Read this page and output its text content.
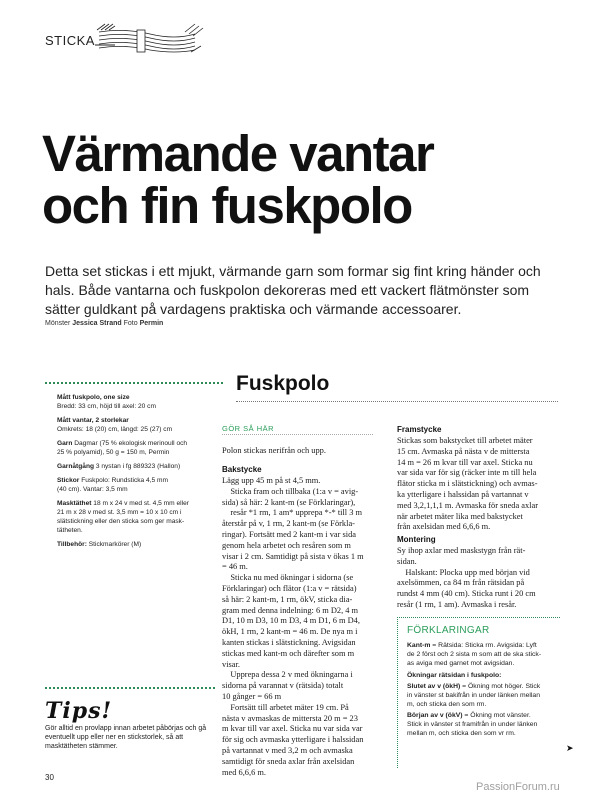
STICKA
Värmande vantar
och fin fuskpolo
Detta set stickas i ett mjukt, värmande garn som formar sig fint kring händer och hals. Både vantarna och fuskpolon dekoreras med ett vackert flätmönster som sätter guldkant på vardagens praktiska och värmande accessoarer.
Mönster Jessica Strand Foto Permin
Mått fuskpolo, one size
Bredd: 33 cm, höjd till axel: 20 cm
Mått vantar, 2 storlekar
Omkrets: 18 (20) cm, längd: 25 (27) cm
Garn Dagmar (75 % ekologisk merinoull och
25 % polyamid), 50 g = 150 m, Permin
Garnåtgång 3 nystan i fg 889323 (Hallon)
Stickor Fuskpolo: Rundsticka 4,5 mm
(40 cm). Vantar: 3,5 mm
Masktäthet 18 m x 24 v med st. 4,5 mm eller
21 m x 28 v med st. 3,5 mm = 10 x 10 cm i
slätstickning eller den sticka som ger mask-
tätheten.
Tillbehör: Stickmarkörer (M)
Fuskpolo
GÖR SÅ HÄR
Polon stickas nerifrån och upp.
Bakstycke
Lägg upp 45 m på st 4,5 mm.
Sticka fram och tillbaka (1:a v = avig-
sida) så här: 2 kant-m (se Förklaringar),
resår *1 rm, 1 am* upprepa *-* till 3 m
återstår på v, 1 rm, 2 kant-m (se Förkla-
ringar). Fortsätt med 2 kant-m i var sida
genom hela arbetet och resåren som m
visar i 2 cm. Samtidigt på sista v ökas 1 m
= 46 m.
Sticka nu med ökningar i sidorna (se
Förklaringar) och flätor (1:a v = rätsida)
så här: 2 kant-m, 1 rm, ökV, sticka dia-
gram med denna indelning: 6 m D2, 4 m
D1, 10 m D3, 10 m D3, 4 m D1, 6 m D4,
ökH, 1 rm, 2 kant-m = 46 m. De nya m i
kanten stickas i slätstickning. Avigsidan
stickas med kant-m och därefter som m
visar.
Upprepa dessa 2 v med ökningarna i
sidorna på varannat v (rätsida) totalt
10 gånger = 66 m
Fortsätt till arbetet mäter 19 cm. På
nästa v avmaskas de mittersta 20 m = 23
m kvar till var axel. Sticka nu var sida var
för sig och avmaska ytterligare i halssidan
på vartannat v med 3,2 m och avmaska
samtidigt för sneda axlar från axelsidan
med 6,6,6 m.
Framstycke
Stickas som bakstycket till arbetet mäter
15 cm. Avmaska på nästa v de mittersta
14 m = 26 m kvar till var axel. Sticka nu
var sida var för sig (räcker inte m till hela
flätor sticka m i slätstickning) och avmas-
ka ytterligare i halssidan på vartannat v
med 3,2,1,1,1 m. Avmaska för sneda axlar
när arbetet mäter lika med bakstycket
från axelsidan med 6,6,6 m.
Montering
Sy ihop axlar med maskstygn från rät-
sidan.
Halskant: Plocka upp med början vid
axelsömmen, ca 84 m från rätsidan på
rundst 4 mm (40 cm). Sticka runt i 20 cm
resår (1 rm, 1 am). Avmaska i resår.
FÖRKLARINGAR
Kant-m = Rätsida: Sticka rm. Avigsida: Lyft
de 2 först och 2 sista m som att de ska stick-
as aviga med garnet mot avigsidan.
Ökningar rätsidan i fuskpolo:
Slutet av v (ökH) = Ökning mot höger. Stick
in vänster st bakifrån in under länken mellan
m, och sticka den som rm.
Början av v (ökV) = Ökning mot vänster.
Stick in vänster st framifrån in under länken
mellan m, och sticka den som vr rm.
Tips!
Gör alltid en provlapp innan arbetet påbörjas och gå eventuellt upp eller ner en stickstorlek, så att masktätheten stämmer.
30
➤
PassionForum.ru
